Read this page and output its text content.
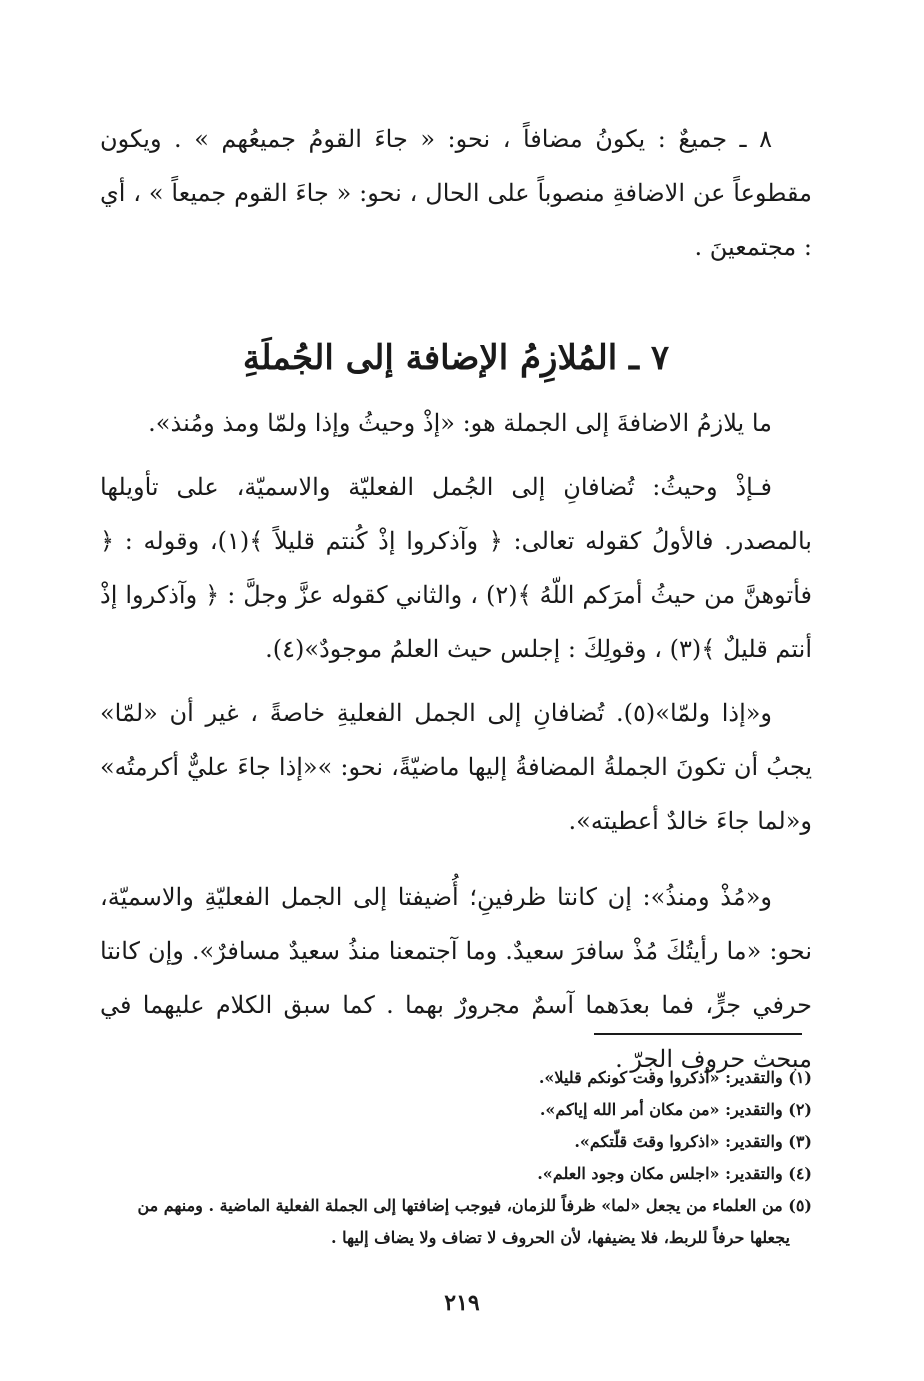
٨ ـ جميعٌ : يكونُ مضافاً ، نحو: « جاءَ القومُ جميعُهم » . ويكون مقطوعاً عن الاضافةِ منصوباً على الحال ، نحو: « جاءَ القوم جميعاً » ، أي : مجتمعينَ .

٧ ـ المُلازِمُ الإضافة إلى الجُملَةِ

ما يلازمُ الاضافةَ إلى الجملة هو: «إذْ وحيثُ وإذا ولمّا ومذ ومُنذ».

فـإذْ وحيثُ: تُضافانِ إلى الجُمل الفعليّة والاسميّة، على تأويلها بالمصدر. فالأولُ كقوله تعالى: ﴿ وآذكروا إذْ كُنتم قليلاً ﴾(١)، وقوله : ﴿ فأتوهنَّ من حيثُ أمرَكم اللّهُ ﴾(٢) ، والثاني كقوله عزَّ وجلَّ : ﴿ وآذكروا إذْ أنتم قليلٌ ﴾(٣) ، وقولِكَ : إجلس حيث العلمُ موجودٌ»(٤).

و«إذا ولمّا»(٥). تُضافانِ إلى الجمل الفعليةِ خاصةً ، غير أن «لمّا» يجبُ أن تكونَ الجملةُ المضافةُ إليها ماضيّةً، نحو: »«إذا جاءَ عليٌّ أكرمتُه» و«لما جاءَ خالدٌ أعطيته».

و«مُذْ ومنذُ»: إن كانتا ظرفينِ؛ أُضيفتا إلى الجمل الفعليّةِ والاسميّة، نحو: «ما رأيتُكَ مُذْ سافرَ سعيدٌ. وما آجتمعنا منذُ سعيدٌ مسافرٌ». وإن كانتا حرفي جرٍّ، فما بعدَهما آسمٌ مجرورٌ بهما . كما سبق الكلام عليهما في مبحث حروف الجرّ .

(١) والتقدير: «أذكروا وقت كونكم قليلا».

(٢) والتقدير: «من مكان أمر الله إياكم».

(٣) والتقدير: «اذكروا وقتَ قلّتكم».

(٤) والتقدير: «اجلس مكان وجود العلم».

(٥) من العلماء من يجعل «لما» ظرفاً للزمان، فيوجب إضافتها إلى الجملة الفعلية الماضية . ومنهم من

يجعلها حرفاً للربط، فلا يضيفها، لأن الحروف لا تضاف ولا يضاف إليها .

٢١٩
